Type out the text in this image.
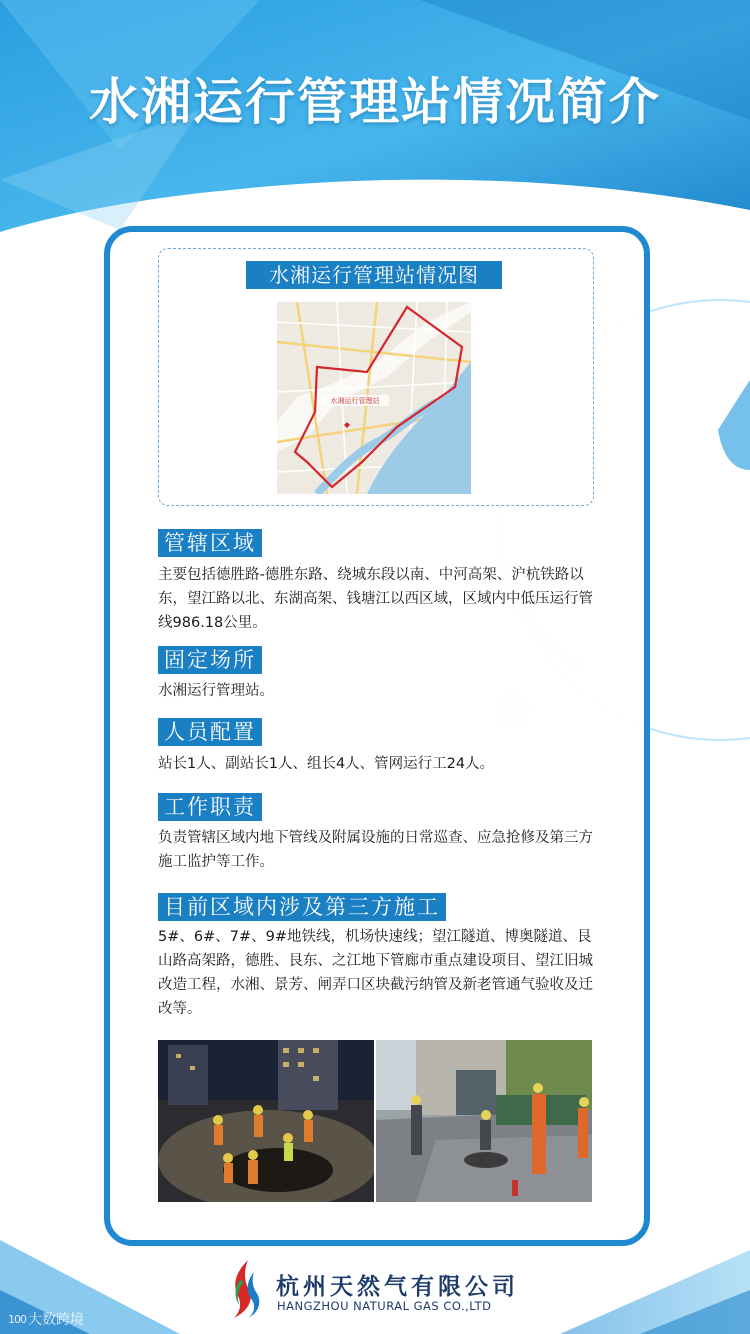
水湘运行管理站情况简介
水湘运行管理站情况图
水湘运行管理站
管辖区域
主要包括德胜路-德胜东路、绕城东段以南、中河高架、沪杭铁路以东，望江路以北、东湖高架、钱塘江以西区域，区域内中低压运行管线986.18公里。
固定场所
水湘运行管理站。
人员配置
站长1人、副站长1人、组长4人、管网运行工24人。
工作职责
负责管辖区域内地下管线及附属设施的日常巡查、应急抢修及第三方施工监护等工作。
目前区域内涉及第三方施工
5#、6#、7#、9#地铁线，机场快速线；望江隧道、博奥隧道、艮山路高架路，德胜、艮东、之江地下管廊市重点建设项目、望江旧城改造工程，水湘、景芳、闸弄口区块截污纳管及新老管通气验收及迁改等。
杭州天然气有限公司
HANGZHOU NATURAL GAS CO.,LTD
100 大数跨境
